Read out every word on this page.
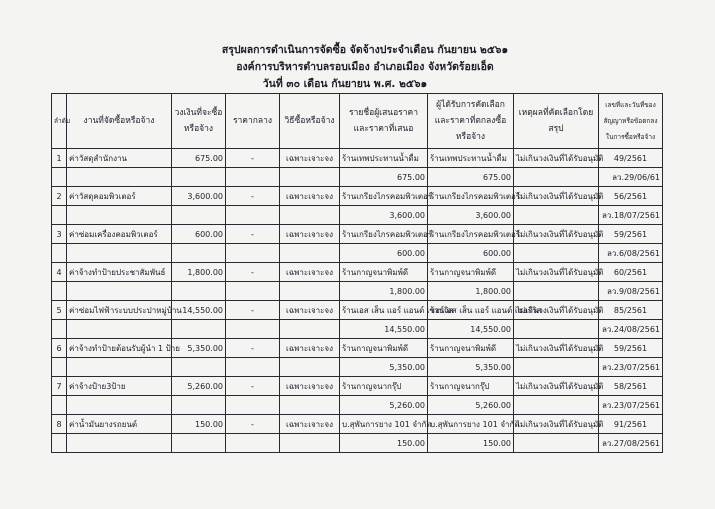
สรุปผลการดำเนินการจัดซื้อ จัดจ้างประจำเดือน กันยายน ๒๕๖๑
องค์การบริหารตำบลรอบเมือง อำเภอเมือง จังหวัดร้อยเอ็ด
วันที่ ๓๐ เดือน กันยายน พ.ศ. ๒๕๖๑
ลำดับ	งานที่จัดซื้อหรือจ้าง	วงเงินที่จะซื้อหรือจ้าง	ราคากลาง	วิธีซื้อหรือจ้าง	รายชื่อผู้เสนอราคาและราคาที่เสนอ	ผู้ได้รับการคัดเลือกและราคาที่ตกลงซื้อหรือจ้าง	เหตุผลที่คัดเลือกโดยสรุป	เลขที่และวันที่ของสัญญาหรือข้อตกลงในการซื้อหรือจ้าง
1	ค่าวัสดุสำนักงาน	675.00	-	เฉพาะเจาะจง	ร้านเทพประทานน้ำดื่ม	ร้านเทพประทานน้ำดื่ม	ไม่เกินวงเงินที่ได้รับอนุมัติ	49/2561
					675.00	675.00		ลว.29/06/61
2	ค่าวัสดุคอมพิวเตอร์	3,600.00	-	เฉพาะเจาะจง	ร้านเกรียงไกรคอมพิวเตอร์	ร้านเกรียงไกรคอมพิวเตอร์	ไม่เกินวงเงินที่ได้รับอนุมัติ	56/2561
					3,600.00	3,600.00		ลว.18/07/2561
3	ค่าซ่อมเครื่องคอมพิวเตอร์	600.00	-	เฉพาะเจาะจง	ร้านเกรียงไกรคอมพิวเตอร์	ร้านเกรียงไกรคอมพิวเตอร์	ไม่เกินวงเงินที่ได้รับอนุมัติ	59/2561
					600.00	600.00		ลว.6/08/2561
4	ค่าจ้างทำป้ายประชาสัมพันธ์	1,800.00	-	เฉพาะเจาะจง	ร้านกาญจนาพิมพ์ดี	ร้านกาญจนาพิมพ์ดี	ไม่เกินวงเงินที่ได้รับอนุมัติ	60/2561
					1,800.00	1,800.00		ลว.9/08/2561
5	ค่าซ่อมไฟฟ้าระบบประปาหมู่บ้าน	14,550.00	-	เฉพาะเจาะจง	ร้านเอส เส็น แอร์ แอนด์ เซอร์วิส	ร้านเอส เส็น แอร์ แอนด์ เซอร์วิส	ไม่เกินวงเงินที่ได้รับอนุมัติ	85/2561
					14,550.00	14,550.00		ลว.24/08/2561
6	ค่าจ้างทำป้ายต้อนรับผู้นำ 1 ป้าย	5,350.00	-	เฉพาะเจาะจง	ร้านกาญจนาพิมพ์ดี	ร้านกาญจนาพิมพ์ดี	ไม่เกินวงเงินที่ได้รับอนุมัติ	59/2561
					5,350.00	5,350.00		ลว.23/07/2561
7	ค่าจ้างป้าย3ป้าย	5,260.00	-	เฉพาะเจาะจง	ร้านกาญจนากรุ๊ป	ร้านกาญจนากรุ๊ป	ไม่เกินวงเงินที่ได้รับอนุมัติ	58/2561
					5,260.00	5,260.00		ลว.23/07/2561
8	ค่าน้ำมันยางรถยนต์	150.00	-	เฉพาะเจาะจง	บ.สุพันการยาง 101 จำกัด	บ.สุพันการยาง 101 จำกัด	ไม่เกินวงเงินที่ได้รับอนุมัติ	91/2561
					150.00	150.00		ลว.27/08/2561
